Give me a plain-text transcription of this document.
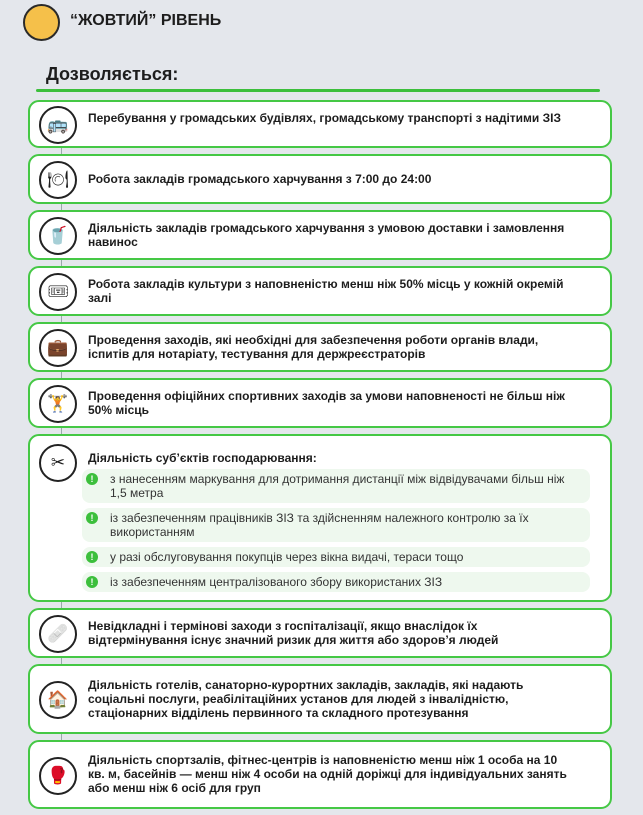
“ЖОВТИЙ” РІВЕНЬ
Дозволяється:
🚌	Перебування у громадських будівлях, громадському транспорті з надітими ЗІЗ
🍽	Робота закладів громадського харчування з 7:00 до 24:00
🥤	Діяльність закладів громадського харчування з умовою доставки і замовлення навинос
🎟	Робота закладів культури з наповненістю менш ніж 50% місць у кожній окремій залі
💼	Проведення заходів, які необхідні для забезпечення роботи органів влади, іспитів для нотаріату, тестування для держреєстраторів
🏋	Проведення офіційних спортивних заходів за умови наповненості не більш ніж 50% місць
✂	Діяльність суб’єктів господарювання:
!	з нанесенням маркування для дотримання дистанції між відвідувачами більш ніж 1,5 метра
!	із забезпеченням працівників ЗІЗ та здійсненням належного контролю за їх використанням
!	у разі обслуговування покупців через вікна видачі, тераси тощо
!	із забезпеченням централізованого збору використаних ЗІЗ
🩹	Невідкладні і термінові заходи з госпіталізації, якщо внаслідок їх відтермінування існує значний ризик для життя або здоров’я людей
🏠
Діяльність готелів, санаторно-курортних закладів, закладів, які надають соціальні послуги, реабілітаційних установ для людей з інвалідністю, стаціонарних відділень первинного та складного протезування
🥊
Діяльність спортзалів, фітнес-центрів із наповненістю менш ніж 1 особа на 10 кв. м, басейнів — менш ніж 4 особи на одній доріжці для індивідуальних занять або менш ніж 6 осіб для груп
